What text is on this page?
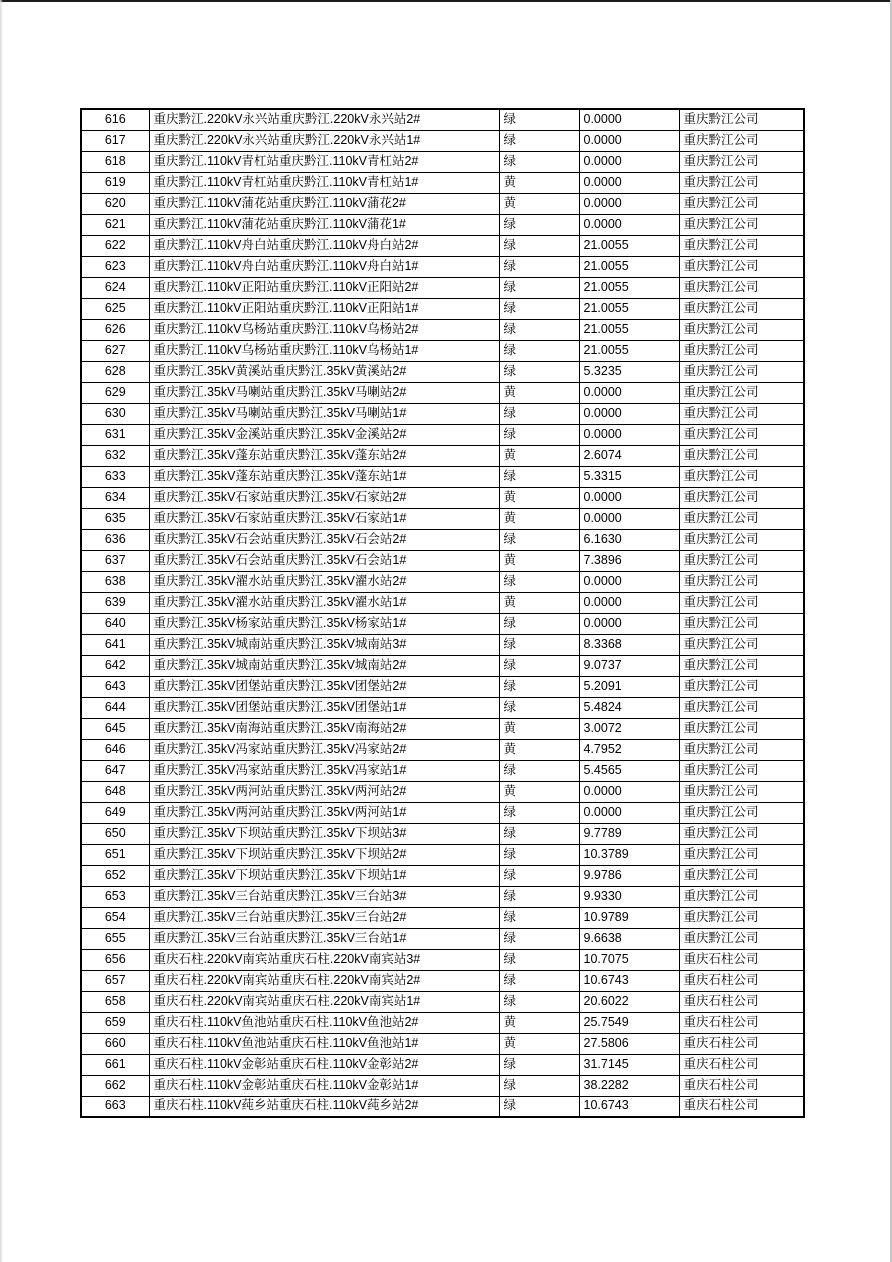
616	重庆黔江.220kV永兴站重庆黔江.220kV永兴站2#	绿	0.0000	重庆黔江公司
617	重庆黔江.220kV永兴站重庆黔江.220kV永兴站1#	绿	0.0000	重庆黔江公司
618	重庆黔江.110kV青杠站重庆黔江.110kV青杠站2#	绿	0.0000	重庆黔江公司
619	重庆黔江.110kV青杠站重庆黔江.110kV青杠站1#	黄	0.0000	重庆黔江公司
620	重庆黔江.110kV蒲花站重庆黔江.110kV蒲花2#	黄	0.0000	重庆黔江公司
621	重庆黔江.110kV蒲花站重庆黔江.110kV蒲花1#	绿	0.0000	重庆黔江公司
622	重庆黔江.110kV舟白站重庆黔江.110kV舟白站2#	绿	21.0055	重庆黔江公司
623	重庆黔江.110kV舟白站重庆黔江.110kV舟白站1#	绿	21.0055	重庆黔江公司
624	重庆黔江.110kV正阳站重庆黔江.110kV正阳站2#	绿	21.0055	重庆黔江公司
625	重庆黔江.110kV正阳站重庆黔江.110kV正阳站1#	绿	21.0055	重庆黔江公司
626	重庆黔江.110kV乌杨站重庆黔江.110kV乌杨站2#	绿	21.0055	重庆黔江公司
627	重庆黔江.110kV乌杨站重庆黔江.110kV乌杨站1#	绿	21.0055	重庆黔江公司
628	重庆黔江.35kV黄溪站重庆黔江.35kV黄溪站2#	绿	5.3235	重庆黔江公司
629	重庆黔江.35kV马喇站重庆黔江.35kV马喇站2#	黄	0.0000	重庆黔江公司
630	重庆黔江.35kV马喇站重庆黔江.35kV马喇站1#	绿	0.0000	重庆黔江公司
631	重庆黔江.35kV金溪站重庆黔江.35kV金溪站2#	绿	0.0000	重庆黔江公司
632	重庆黔江.35kV蓬东站重庆黔江.35kV蓬东站2#	黄	2.6074	重庆黔江公司
633	重庆黔江.35kV蓬东站重庆黔江.35kV蓬东站1#	绿	5.3315	重庆黔江公司
634	重庆黔江.35kV石家站重庆黔江.35kV石家站2#	黄	0.0000	重庆黔江公司
635	重庆黔江.35kV石家站重庆黔江.35kV石家站1#	黄	0.0000	重庆黔江公司
636	重庆黔江.35kV石会站重庆黔江.35kV石会站2#	绿	6.1630	重庆黔江公司
637	重庆黔江.35kV石会站重庆黔江.35kV石会站1#	黄	7.3896	重庆黔江公司
638	重庆黔江.35kV濯水站重庆黔江.35kV濯水站2#	绿	0.0000	重庆黔江公司
639	重庆黔江.35kV濯水站重庆黔江.35kV濯水站1#	黄	0.0000	重庆黔江公司
640	重庆黔江.35kV杨家站重庆黔江.35kV杨家站1#	绿	0.0000	重庆黔江公司
641	重庆黔江.35kV城南站重庆黔江.35kV城南站3#	绿	8.3368	重庆黔江公司
642	重庆黔江.35kV城南站重庆黔江.35kV城南站2#	绿	9.0737	重庆黔江公司
643	重庆黔江.35kV团堡站重庆黔江.35kV团堡站2#	绿	5.2091	重庆黔江公司
644	重庆黔江.35kV团堡站重庆黔江.35kV团堡站1#	绿	5.4824	重庆黔江公司
645	重庆黔江.35kV南海站重庆黔江.35kV南海站2#	黄	3.0072	重庆黔江公司
646	重庆黔江.35kV冯家站重庆黔江.35kV冯家站2#	黄	4.7952	重庆黔江公司
647	重庆黔江.35kV冯家站重庆黔江.35kV冯家站1#	绿	5.4565	重庆黔江公司
648	重庆黔江.35kV两河站重庆黔江.35kV两河站2#	黄	0.0000	重庆黔江公司
649	重庆黔江.35kV两河站重庆黔江.35kV两河站1#	绿	0.0000	重庆黔江公司
650	重庆黔江.35kV下坝站重庆黔江.35kV下坝站3#	绿	9.7789	重庆黔江公司
651	重庆黔江.35kV下坝站重庆黔江.35kV下坝站2#	绿	10.3789	重庆黔江公司
652	重庆黔江.35kV下坝站重庆黔江.35kV下坝站1#	绿	9.9786	重庆黔江公司
653	重庆黔江.35kV三台站重庆黔江.35kV三台站3#	绿	9.9330	重庆黔江公司
654	重庆黔江.35kV三台站重庆黔江.35kV三台站2#	绿	10.9789	重庆黔江公司
655	重庆黔江.35kV三台站重庆黔江.35kV三台站1#	绿	9.6638	重庆黔江公司
656	重庆石柱.220kV南宾站重庆石柱.220kV南宾站3#	绿	10.7075	重庆石柱公司
657	重庆石柱.220kV南宾站重庆石柱.220kV南宾站2#	绿	10.6743	重庆石柱公司
658	重庆石柱.220kV南宾站重庆石柱.220kV南宾站1#	绿	20.6022	重庆石柱公司
659	重庆石柱.110kV鱼池站重庆石柱.110kV鱼池站2#	黄	25.7549	重庆石柱公司
660	重庆石柱.110kV鱼池站重庆石柱.110kV鱼池站1#	黄	27.5806	重庆石柱公司
661	重庆石柱.110kV金彰站重庆石柱.110kV金彰站2#	绿	31.7145	重庆石柱公司
662	重庆石柱.110kV金彰站重庆石柱.110kV金彰站1#	绿	38.2282	重庆石柱公司
663	重庆石柱.110kV莼乡站重庆石柱.110kV莼乡站2#	绿	10.6743	重庆石柱公司
